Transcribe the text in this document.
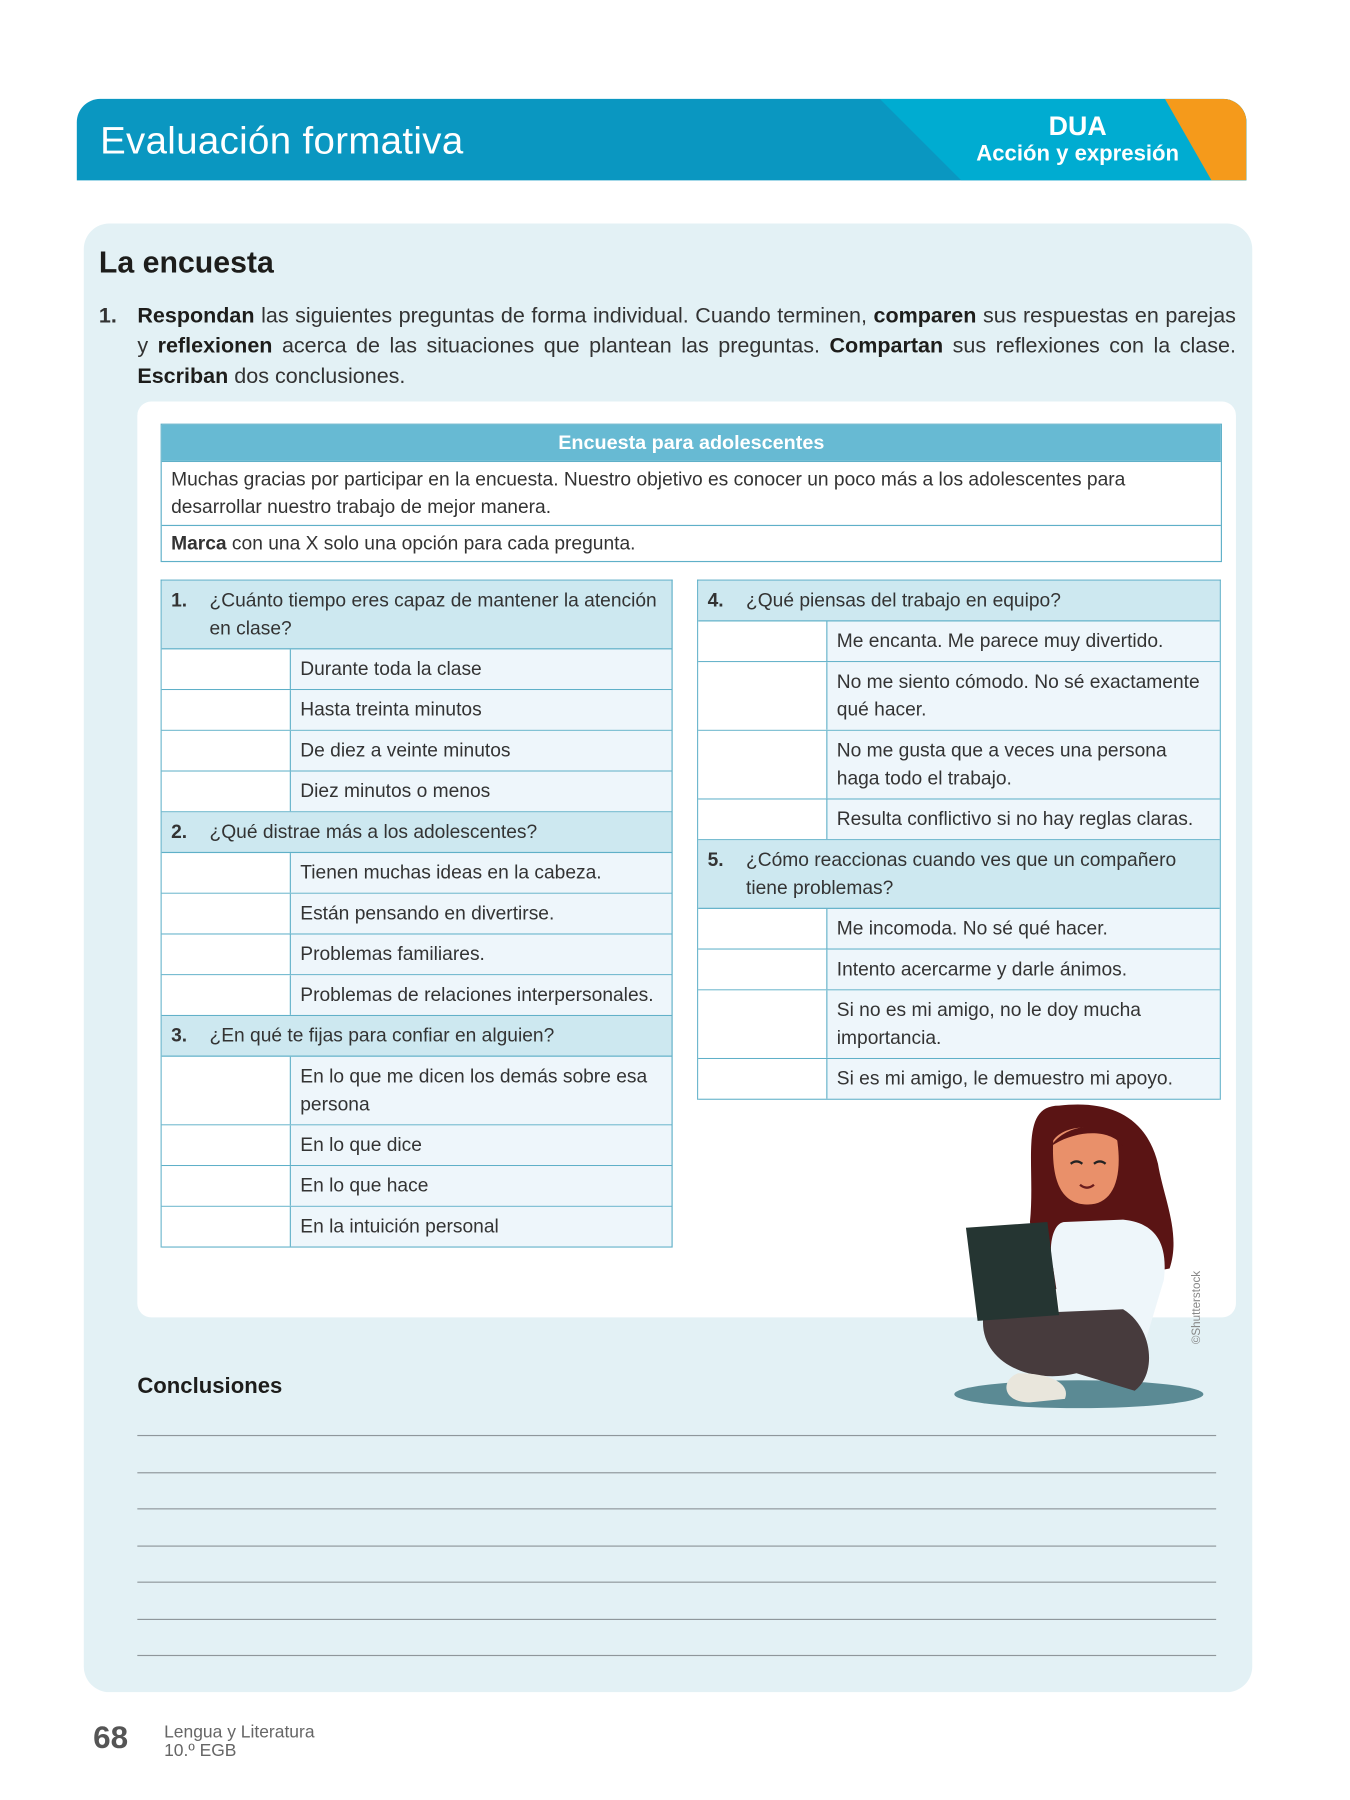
Evaluación formativa	DUA
Acción y expresión
La encuesta
1. Respondan las siguientes preguntas de forma individual. Cuando terminen, comparen sus respuestas en parejas y reflexionen acerca de las situaciones que plantean las preguntas. Compartan sus reflexiones con la clase. Escriban dos conclusiones.
Encuesta para adolescentes
Muchas gracias por participar en la encuesta. Nuestro objetivo es conocer un poco más a los adolescentes para desarrollar nuestro trabajo de mejor manera.
Marca con una X solo una opción para cada pregunta.
1. ¿Cuánto tiempo eres capaz de mantener la atención en clase?
Durante toda la clase
Hasta treinta minutos
De diez a veinte minutos
Diez minutos o menos
2. ¿Qué distrae más a los adolescentes?
Tienen muchas ideas en la cabeza.
Están pensando en divertirse.
Problemas familiares.
Problemas de relaciones interpersonales.
3. ¿En qué te fijas para confiar en alguien?
En lo que me dicen los demás sobre esa persona
En lo que dice
En lo que hace
En la intuición personal
4. ¿Qué piensas del trabajo en equipo?
Me encanta. Me parece muy divertido.
No me siento cómodo. No sé exactamente qué hacer.
No me gusta que a veces una persona haga todo el trabajo.
Resulta conflictivo si no hay reglas claras.
5. ¿Cómo reaccionas cuando ves que un compañero tiene problemas?
Me incomoda. No sé qué hacer.
Intento acercarme y darle ánimos.
Si no es mi amigo, no le doy mucha importancia.
Si es mi amigo, le demuestro mi apoyo.
©Shutterstock
Conclusiones
68 Lengua y Literatura
10.º EGB
